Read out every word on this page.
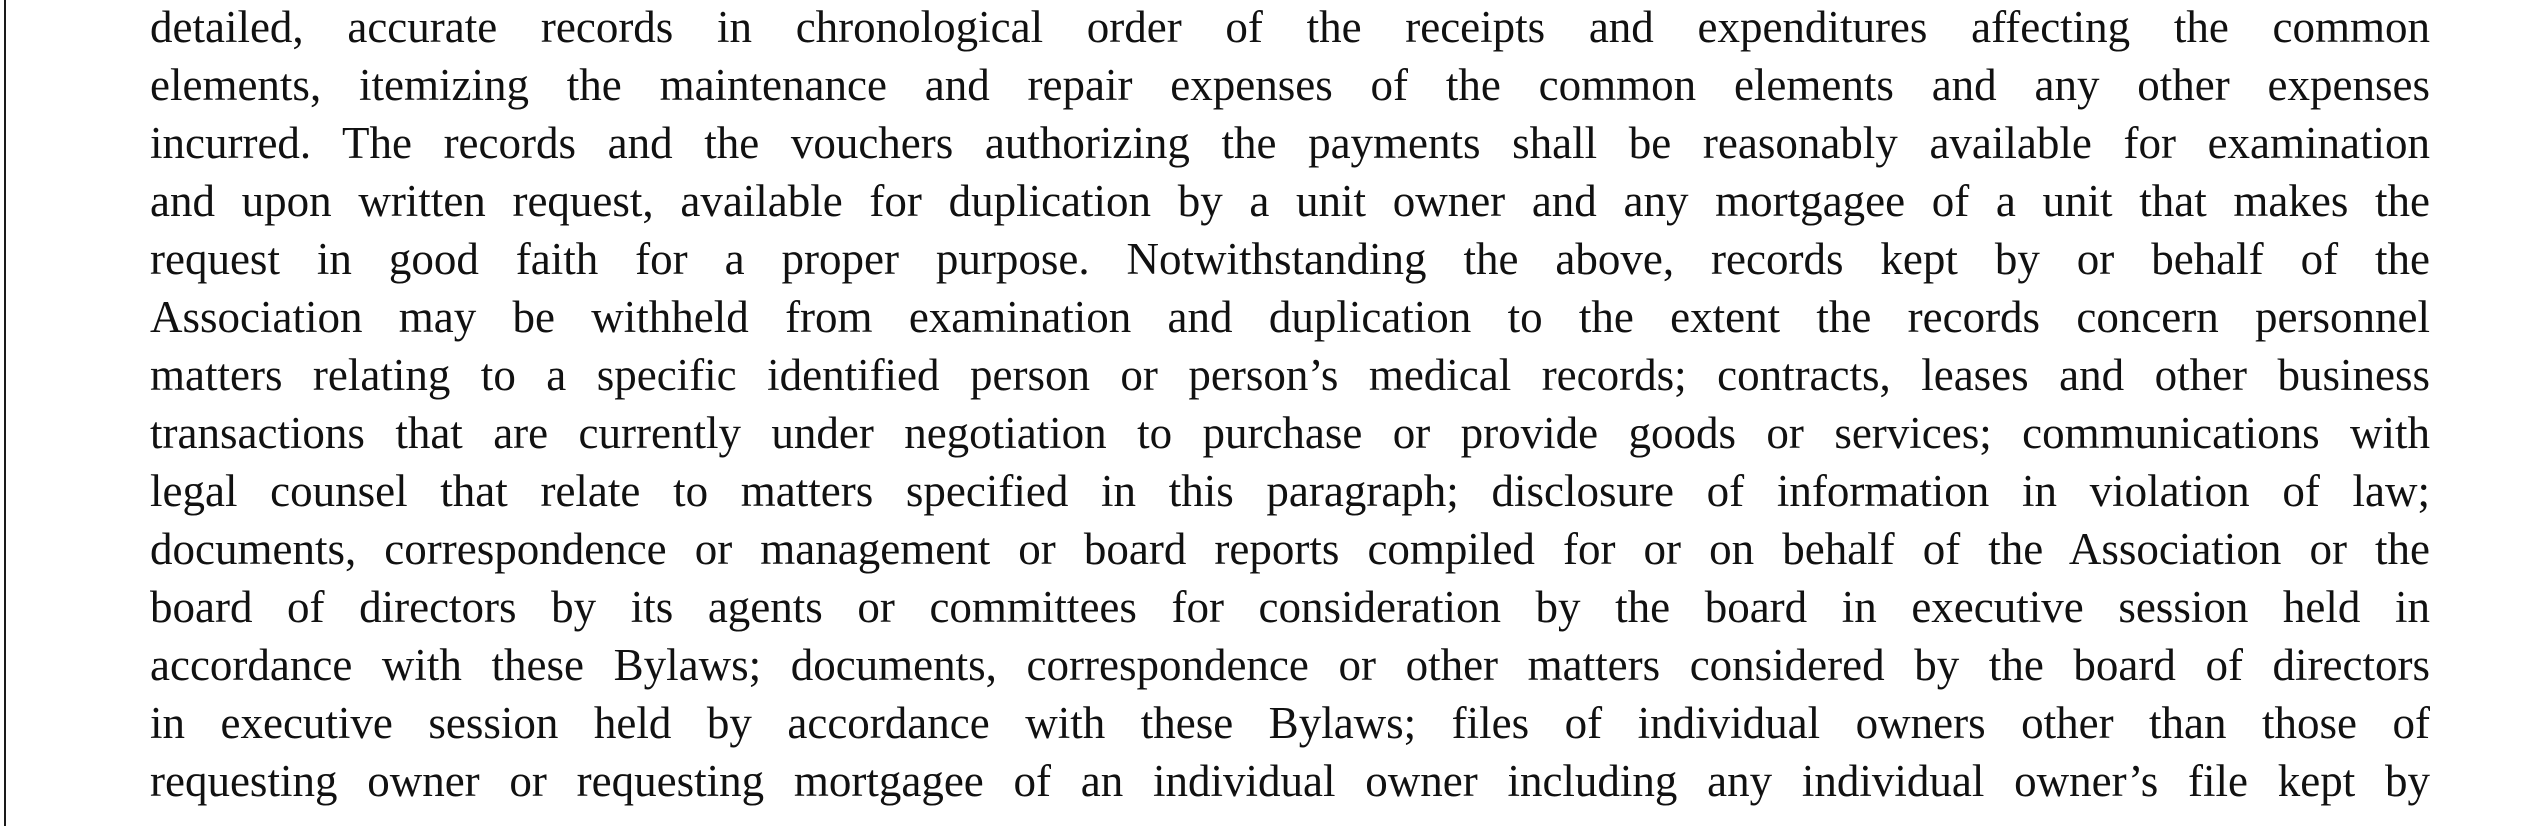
detailed, accurate records in chronological order of the receipts and expenditures affecting the common
elements, itemizing the maintenance and repair expenses of the common elements and any other expenses
incurred. The records and the vouchers authorizing the payments shall be reasonably available for examination
and upon written request, available for duplication by a unit owner and any mortgagee of a unit that makes the
request in good faith for a proper purpose. Notwithstanding the above, records kept by or behalf of the
Association may be withheld from examination and duplication to the extent the records concern personnel
matters relating to a specific identified person or person’s medical records; contracts, leases and other business
transactions that are currently under negotiation to purchase or provide goods or services; communications with
legal counsel that relate to matters specified in this paragraph; disclosure of information in violation of law;
documents, correspondence or management or board reports compiled for or on behalf of the Association or the
board of directors by its agents or committees for consideration by the board in executive session held in
accordance with these Bylaws; documents, correspondence or other matters considered by the board of directors
in executive session held by accordance with these Bylaws; files of individual owners other than those of
requesting owner or requesting mortgagee of an individual owner including any individual owner’s file kept by
